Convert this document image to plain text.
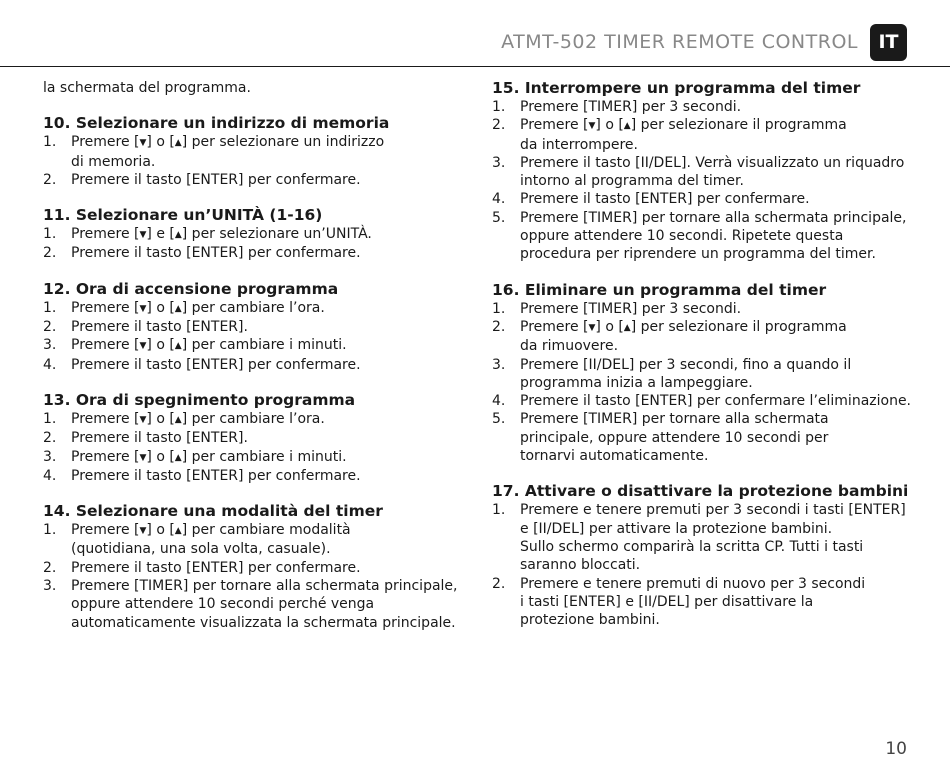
ATMT-502 TIMER REMOTE CONTROL	IT

la schermata del programma.

10. Selezionare un indirizzo di memoria
1. Premere [▼] o [▲] per selezionare un indirizzo
di memoria.
2. Premere il tasto [ENTER] per confermare.
11. Selezionare un’UNITÀ (1-16)
1. Premere [▼] e [▲] per selezionare un’UNITÀ.
2. Premere il tasto [ENTER] per confermare.
12. Ora di accensione programma
1. Premere [▼] o [▲] per cambiare l’ora.
2. Premere il tasto [ENTER].
3. Premere [▼] o [▲] per cambiare i minuti.
4. Premere il tasto [ENTER] per confermare.
13. Ora di spegnimento programma
1. Premere [▼] o [▲] per cambiare l’ora.
2. Premere il tasto [ENTER].
3. Premere [▼] o [▲] per cambiare i minuti.
4. Premere il tasto [ENTER] per confermare.
14. Selezionare una modalità del timer
1. Premere [▼] o [▲] per cambiare modalità
(quotidiana, una sola volta, casuale).
2. Premere il tasto [ENTER] per confermare.
3. Premere [TIMER] per tornare alla schermata principale,
oppure attendere 10 secondi perché venga
automaticamente visualizzata la schermata principale.
15. Interrompere un programma del timer
1. Premere [TIMER] per 3 secondi.
2. Premere [▼] o [▲] per selezionare il programma
da interrompere.
3. Premere il tasto [II/DEL]. Verrà visualizzato un riquadro
intorno al programma del timer.
4. Premere il tasto [ENTER] per confermare.
5. Premere [TIMER] per tornare alla schermata principale,
oppure attendere 10 secondi. Ripetete questa
procedura per riprendere un programma del timer.
16. Eliminare un programma del timer
1. Premere [TIMER] per 3 secondi.
2. Premere [▼] o [▲] per selezionare il programma
da rimuovere.
3. Premere [II/DEL] per 3 secondi, fino a quando il
programma inizia a lampeggiare.
4. Premere il tasto [ENTER] per confermare l’eliminazione.
5. Premere [TIMER] per tornare alla schermata
principale, oppure attendere 10 secondi per
tornarvi automaticamente.
17. Attivare o disattivare la protezione bambini
1. Premere e tenere premuti per 3 secondi i tasti [ENTER]
e [II/DEL] per attivare la protezione bambini.
Sullo schermo comparirà la scritta CP. Tutti i tasti
saranno bloccati.
2. Premere e tenere premuti di nuovo per 3 secondi
i tasti [ENTER] e [II/DEL] per disattivare la
protezione bambini.
10
